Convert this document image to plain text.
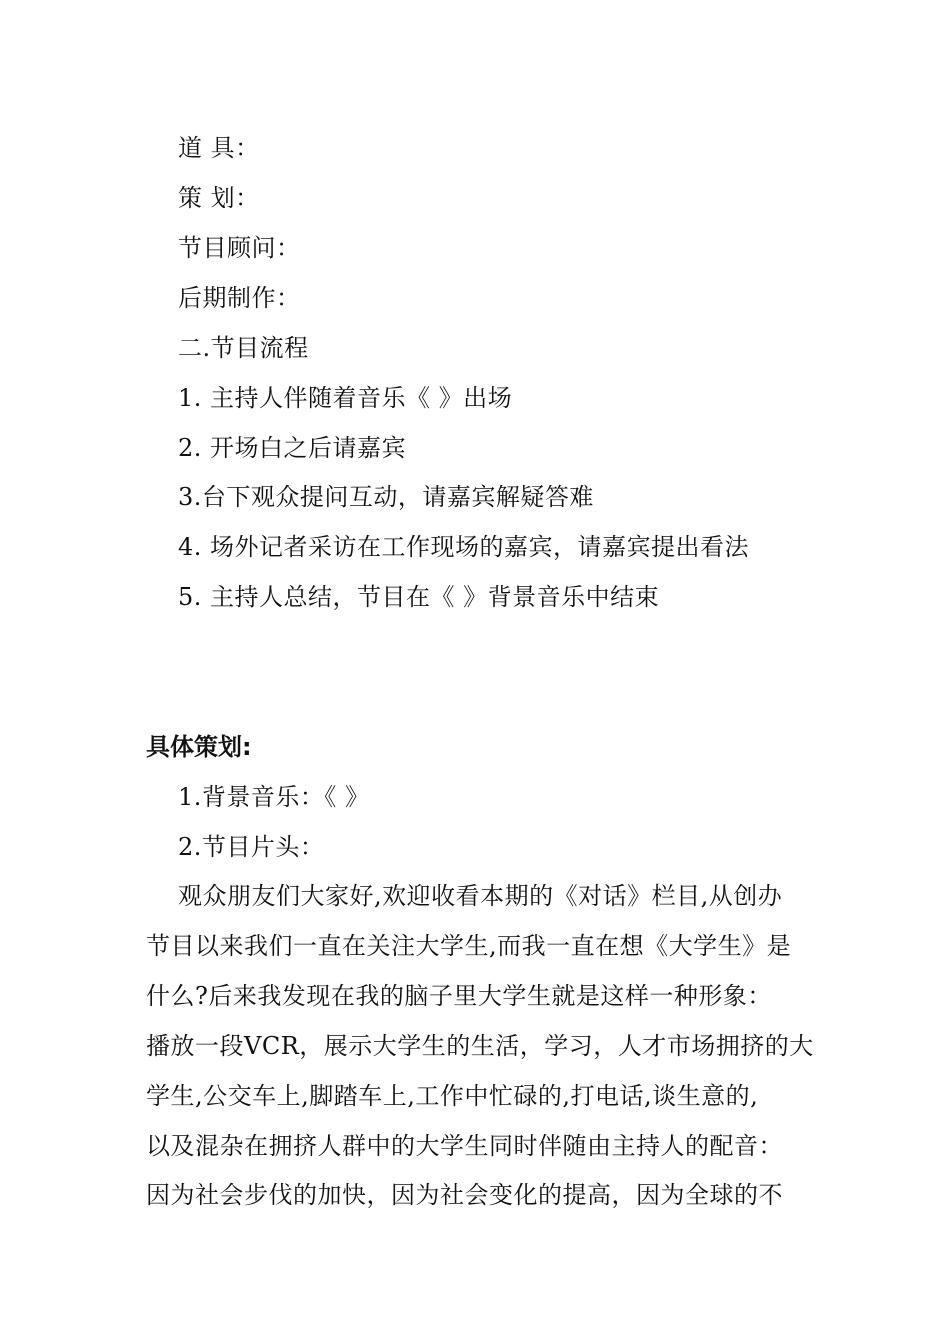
道 具：
策 划：
节目顾问：
后期制作：
二.节目流程
1. 主持人伴随着音乐《 》出场
2. 开场白之后请嘉宾
3.台下观众提问互动，请嘉宾解疑答难
4. 场外记者采访在工作现场的嘉宾，请嘉宾提出看法
5. 主持人总结，节目在《 》背景音乐中结束
具体策划:
1.背景音乐：《 》
2.节目片头：
观众朋友们大家好,欢迎收看本期的《对话》栏目,从创办
节目以来我们一直在关注大学生,而我一直在想《大学生》是
什么?后来我发现在我的脑子里大学生就是这样一种形象：
播放一段VCR，展示大学生的生活，学习，人才市场拥挤的大
学生,公交车上,脚踏车上,工作中忙碌的,打电话,谈生意的,
以及混杂在拥挤人群中的大学生同时伴随由主持人的配音：
因为社会步伐的加快，因为社会变化的提高，因为全球的不
